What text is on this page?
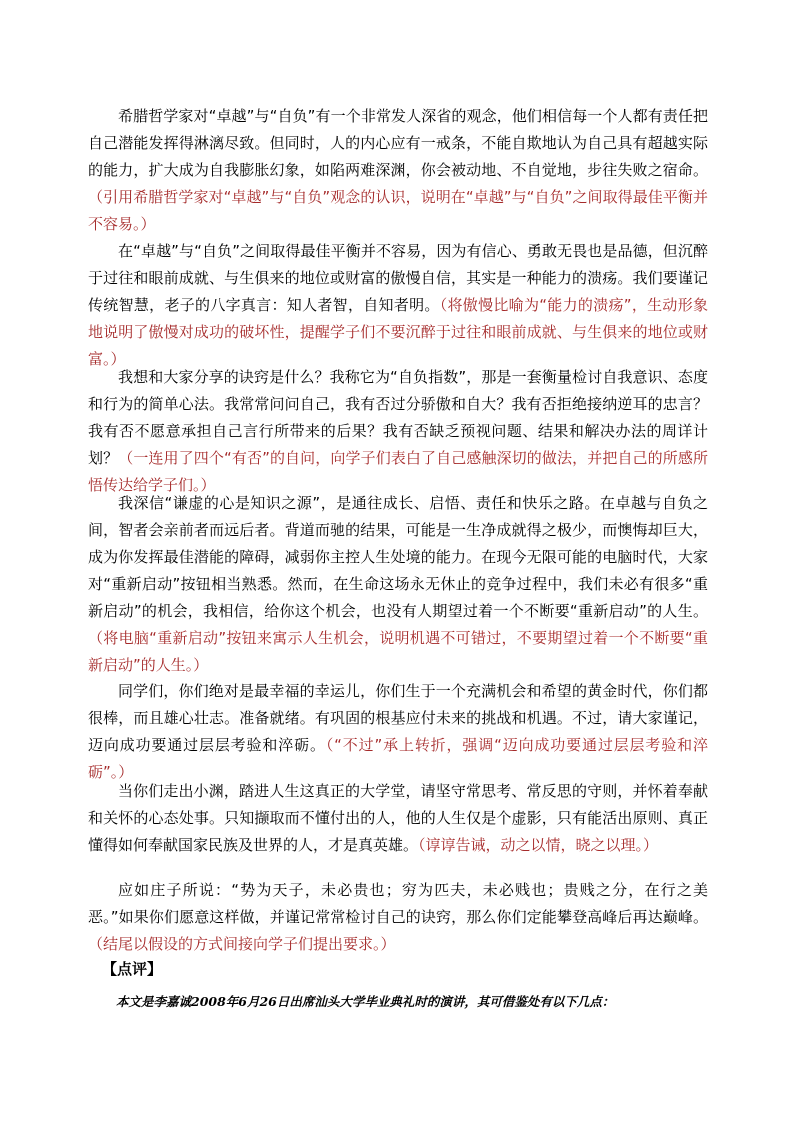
希腊哲学家对“卓越”与“自负”有一个非常发人深省的观念，他们相信每一个人都有责任把自己潜能发挥得淋漓尽致。但同时，人的内心应有一戒条，不能自欺地认为自己具有超越实际的能力，扩大成为自我膨胀幻象，如陷两难深渊，你会被动地、不自觉地，步往失败之宿命。（引用希腊哲学家对“卓越”与“自负”观念的认识，说明在“卓越”与“自负”之间取得最佳平衡并不容易。）

在“卓越”与“自负”之间取得最佳平衡并不容易，因为有信心、勇敢无畏也是品德，但沉醉于过往和眼前成就、与生俱来的地位或财富的傲慢自信，其实是一种能力的溃疡。我们要谨记传统智慧，老子的八字真言：知人者智，自知者明。（将傲慢比喻为“能力的溃疡”，生动形象地说明了傲慢对成功的破坏性，提醒学子们不要沉醉于过往和眼前成就、与生俱来的地位或财富。）

我想和大家分享的诀窍是什么？我称它为“自负指数”，那是一套衡量检讨自我意识、态度和行为的简单心法。我常常问问自己，我有否过分骄傲和自大？我有否拒绝接纳逆耳的忠言？我有否不愿意承担自己言行所带来的后果？我有否缺乏预视问题、结果和解决办法的周详计划？（一连用了四个“有否”的自问，向学子们表白了自己感触深切的做法，并把自己的所感所悟传达给学子们。）

我深信“谦虚的心是知识之源”，是通往成长、启悟、责任和快乐之路。在卓越与自负之间，智者会亲前者而远后者。背道而驰的结果，可能是一生净成就得之极少，而懊悔却巨大，成为你发挥最佳潜能的障碍，减弱你主控人生处境的能力。在现今无限可能的电脑时代，大家对“重新启动”按钮相当熟悉。然而，在生命这场永无休止的竞争过程中，我们未必有很多“重新启动”的机会，我相信，给你这个机会，也没有人期望过着一个不断要“重新启动”的人生。（将电脑“重新启动”按钮来寓示人生机会，说明机遇不可错过，不要期望过着一个不断要“重新启动”的人生。）

同学们，你们绝对是最幸福的幸运儿，你们生于一个充满机会和希望的黄金时代，你们都很棒，而且雄心壮志。准备就绪。有巩固的根基应付未来的挑战和机遇。不过，请大家谨记，迈向成功要通过层层考验和淬砺。（“不过”承上转折，强调“迈向成功要通过层层考验和淬砺”。）

当你们走出小渊，踏进人生这真正的大学堂，请坚守常思考、常反思的守则，并怀着奉献和关怀的心态处事。只知撷取而不懂付出的人，他的人生仅是个虚影，只有能活出原则、真正懂得如何奉献国家民族及世界的人，才是真英雄。（谆谆告诫，动之以情，晓之以理。）

应如庄子所说：“势为天子，未必贵也；穷为匹夫，未必贱也；贵贱之分，在行之美恶。”如果你们愿意这样做，并谨记常常检讨自己的诀窍，那么你们定能攀登高峰后再达巅峰。（结尾以假设的方式间接向学子们提出要求。）

【点评】

本文是李嘉诚2008年6月26日出席汕头大学毕业典礼时的演讲，其可借鉴处有以下几点：
